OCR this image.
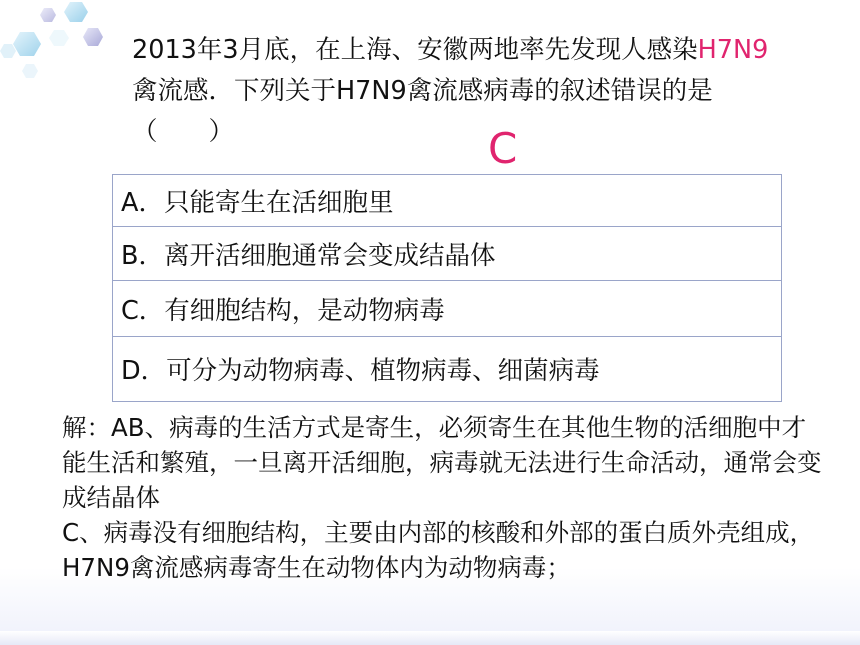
2013年3月底，在上海、安徽两地率先发现人感染H7N9禽流感．下列关于H7N9禽流感病毒的叙述错误的是（　　）	C
A．只能寄生在活细胞里
B．离开活细胞通常会变成结晶体
C．有细胞结构，是动物病毒
D．可分为动物病毒、植物病毒、细菌病毒

解：AB、病毒的生活方式是寄生，必须寄生在其他生物的活细胞中才能生活和繁殖，一旦离开活细胞，病毒就无法进行生命活动，通常会变成结晶体

C、病毒没有细胞结构，主要由内部的核酸和外部的蛋白质外壳组成，H7N9禽流感病毒寄生在动物体内为动物病毒；
